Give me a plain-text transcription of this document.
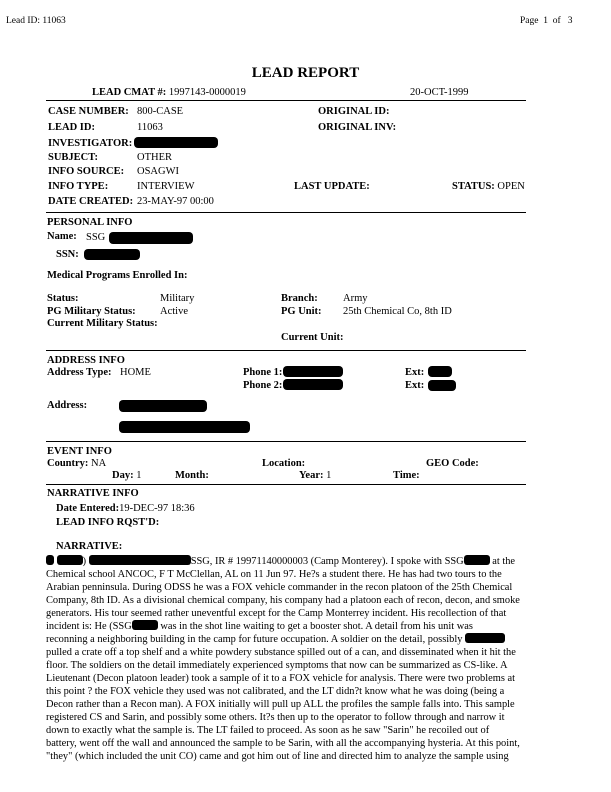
Lead ID: 11063	Page 1 of 3
LEAD REPORT
LEAD CMAT #: 1997143-0000019	20-OCT-1999
CASE NUMBER: 800-CASE	ORIGINAL ID:
LEAD ID:	11063	ORIGINAL INV:
INVESTIGATOR:
SUBJECT:	OTHER
INFO SOURCE: OSAGWI
INFO TYPE:	INTERVIEW	LAST UPDATE:	STATUS: OPEN
DATE CREATED: 23-MAY-97 00:00
PERSONAL INFO
Name: SSG
SSN:
Medical Programs Enrolled In:
Status:	Military	Branch: Army
PG Military Status: Active	PG Unit: 25th Chemical Co, 8th ID
Current Military Status:
Current Unit:
ADDRESS INFO
Address Type: HOME	Phone 1:	Ext:
Phone 2:	Ext:
Address:
EVENT INFO
Country: NA	Location:	GEO Code:
Day: 1	Month:	Year: 1	Time:
NARRATIVE INFO
Date Entered:19-DEC-97 18:36
LEAD INFO RQST'D:
NARRATIVE:
)	SSG, IR # 19971140000003 (Camp Monterey). I spoke with SSG	at the
Chemical school ANCOC, F T McClellan, AL on 11 Jun 97. He?s a student there. He has had two tours to the
Arabian penninsula. During ODSS he was a FOX vehicle commander in the recon platoon of the 25th Chemical
Company, 8th ID. As a divisional chemical company, his company had a platoon each of recon, decon, and smoke
generators. His tour seemed rather uneventful except for the Camp Monterrey incident. His recollection of that
incident is: He (SSG	was in the shot line waiting to get a booster shot. A detail from his unit was
reconning a neighboring building in the camp for future occupation. A soldier on the detail, possibly
pulled a crate off a top shelf and a white powdery substance spilled out of a can, and disseminated when it hit the
floor. The soldiers on the detail immediately experienced symptoms that now can be summarized as CS-like. A
Lieutenant (Decon platoon leader) took a sample of it to a FOX vehicle for analysis. There were two problems at
this point ? the FOX vehicle they used was not calibrated, and the LT didn?t know what he was doing (being a
Decon rather than a Recon man). A FOX initially will pull up ALL the profiles the sample falls into. This sample
registered CS and Sarin, and possibly some others. It?s then up to the operator to follow through and narrow it
down to exactly what the sample is. The LT failed to proceed. As soon as he saw "Sarin" he recoiled out of
battery, went off the wall and announced the sample to be Sarin, with all the accompanying hysteria. At this point,
"they" (which included the unit CO) came and got him out of line and directed him to analyze the sample using
